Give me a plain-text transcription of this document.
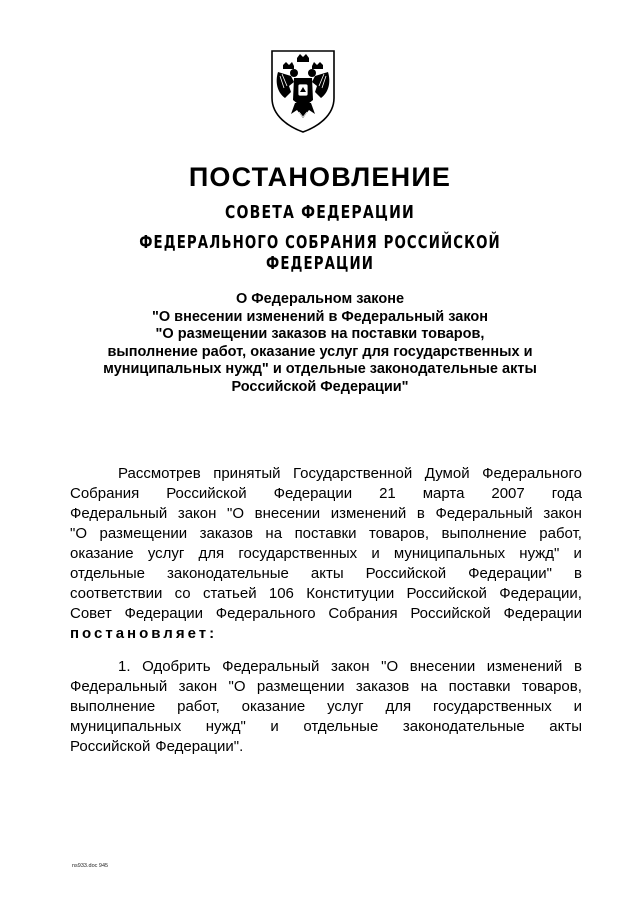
ПОСТАНОВЛЕНИЕ
СОВЕТА ФЕДЕРАЦИИ
ФЕДЕРАЛЬНОГО СОБРАНИЯ РОССИЙСКОЙ ФЕДЕРАЦИИ
О Федеральном законе
"О внесении изменений в Федеральный закон
"О размещении заказов на поставки товаров,
выполнение работ, оказание услуг для государственных и
муниципальных нужд" и отдельные законодательные акты
Российской Федерации"
Рассмотрев принятый Государственной Думой Федерального
Собрания Российской Федерации 21 марта 2007 года
Федеральный закон "О внесении изменений в Федеральный закон
"О размещении заказов на поставки товаров, выполнение работ,
оказание услуг для государственных и муниципальных нужд" и
отдельные законодательные акты Российской Федерации" в
соответствии со статьей 106 Конституции Российской Федерации,
Совет Федерации Федерального Собрания Российской Федерации
постановляет:
1. Одобрить Федеральный закон "О внесении изменений в
Федеральный закон "О размещении заказов на поставки товаров,
выполнение работ, оказание услуг для государственных и
муниципальных нужд" и отдельные законодательные акты
Российской Федерации".
ns933.doc 945
